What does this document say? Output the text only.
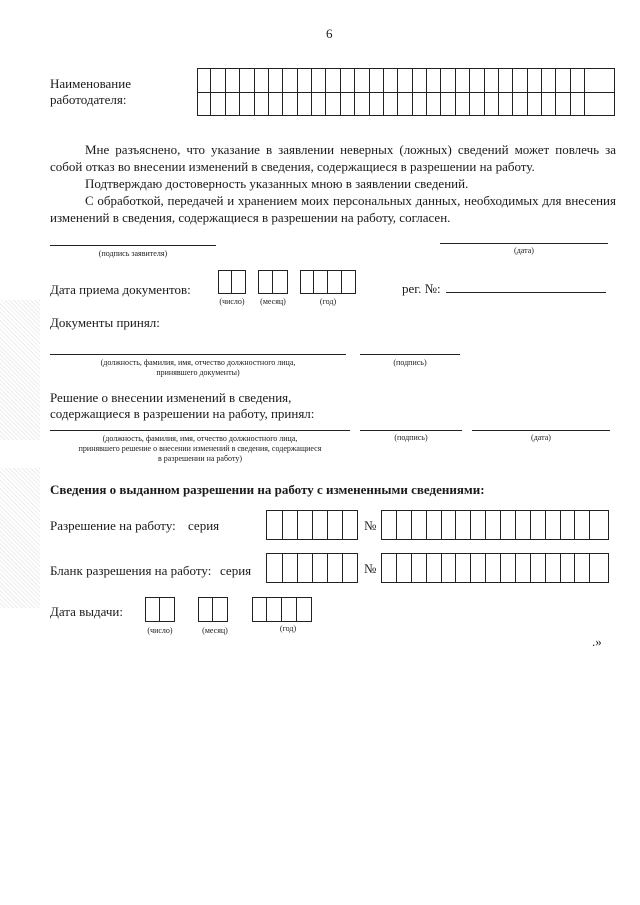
6
Наименование
работодателя:
Мне разъяснено, что указание в заявлении неверных (ложных) сведений может повлечь за собой отказ во внесении изменений в сведения, содержащиеся в разрешении на работу.
Подтверждаю достоверность указанных мною в заявлении сведений.
С обработкой, передачей и хранением моих персональных данных, необходимых для внесения изменений в сведения, содержащиеся в разрешении на работу, согласен.
(подпись заявителя)	(дата)
Дата приема документов:
(число)	(месяц)	(год)
рег. №:
Документы принял:
(должность, фамилия, имя, отчество должностного лица,
принявшего документы)
(подпись)
Решение о внесении изменений в сведения,
содержащиеся в разрешении на работу, принял:
(должность, фамилия, имя, отчество должностного лица,
принявшего решение о внесении изменений в сведения, содержащиеся
в разрешении на работу)
(подпись)	(дата)
Сведения о выданном разрешении на работу с измененными сведениями:
Разрешение на работу: серия	№
Бланк разрешения на работу: серия	№
Дата выдачи:
(число)	(месяц)	(год)
.»
